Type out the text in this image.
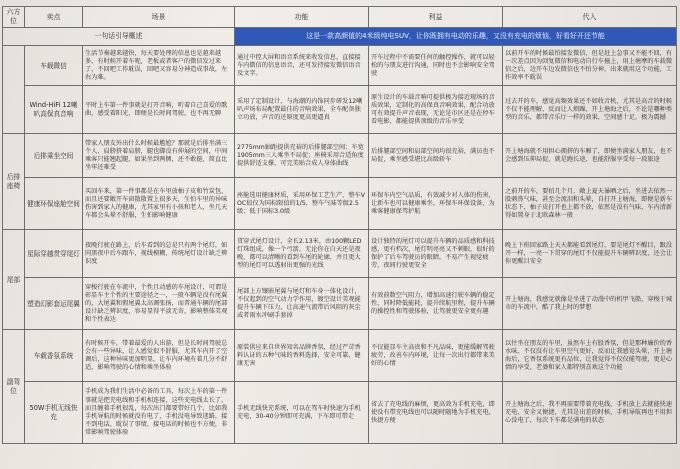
六方位	卖点	场景	功能	利益	代入
一句话引导概述			这是一款高颜值的4米级纯电SUV，让你既拥有电动的乐趣，又没有充电的烦恼，好看好开还节能		
	车载微信	生活节奏越来越快，每天要处理的信息也是越来越多，有时候开着车呢，老板或者客户的微信发过来了，不回吧工作耽误，回吧又容易分神造成事故，左右为难。	通过中控大屏和语音系统来收发信息，直接接车内微信的信息语音，还可发持接发微信语音及文字。	开车过程中不需要任何的触控操作，就可以轻松的与朋友进行沟通，同时也不会影响安全驾驶	以前开车的时候最怕接发微信，但是赶上急事又不能不回，有一次差点因为回复微信和电动自行车撞上，用上塘摩的车载微信之后，边开车边发微信也不怕分神，出来就用这个功能，工作效率不耽误
	Wind-HiFi 12喇叭高保真音响	平时上车第一件事就是打开音响，听着自己喜爱的歌曲，感受着阳光，即便是长时间驾驶，也不再无聊	采用了定制设计，与海潮的内饰同步研发12喇叭声场布局配置最佳的音响效果，全车配备独立功放，声音的还原度更高更逼真	原生设计的车载音响可提供极为接近现场的音质效果，定制化的高保真音响效果，配合功放可有效提升声音表现，无论是市区还是在停车看电影，都能提供顶级的音乐享受	过去开的车，感觉高频效果还不如收音机，尤其是高音的时候不仅不能理解，反而让人烦躁，开上塘海之后，不论是哪种类型的音乐，都带音乐厅一样的效果，空间感十足，极为震撼
后排座椅	后排乘坐空间	带家人朋友外出什么时候最尴尬？那就是后排坐满三个人，肩膀挤着肩膀，腿也脚没有伸展的空间，中间乘客只能翘起腿，如果坐到两侧，还不敢挺，简直比坐牢还难受	2775mm轴距提供充裕的后排腿部空间；车宽1905mm三人乘坐不局促；座椅采用合适角度提供舒适支撑，可完美贴合成人身体曲线	后排腿部空间和肩部空间均很充裕，满员也不局促，乘坐感受堪比高级轿车	开上塘海就不用担心拥挤的车厢了，即便坐满家人朋友，也不会感到压抑局促，就是跑长途，也能舒服享受每一段旅途
	健康环保座舱空间	买回车来，第一件事都是在车里放柚子皮和竹炭包，而且还要敞开车窗散散置上很多天，生怕车里的异味伤害到家人的健康，尤其家里有小孩和老人，坐几天车都会头晕不舒服，生怕影响健康	座舱选用健康材质，采用环保工艺生产，整车VOC值仅为国标限值的1/5，整车气味等级2.5级；低于国标3.0级	环保车内空气品质，有效减少对人体的伤害，让新车也可以健康乘坐，环保车环保设备，为乘客健康保驾护航	之前开的车，要拍几个月，敞上夏天暴晒之后，坐进去依然一股刺鼻气味，甚至会流泪和头晕，自打开上塘海，即便是新车状态下，柚子皮打开也上都不放，依然是没有气味，车内清新得如置身于北欧森林一般
尾部	星际穿越贯穿尾灯	夜晚行驶在路上，后车看到的总是只有两个尾灯，如同黑夜中后车跟车，视线模糊，传统尾灯设计缺乏辨识度	贯穿式尾灯设计，全长2.13米，由100颗LED灯珠组成，像一个弓箭，无论你在白天还是夜晚，都可以清晰的看到车尾的轮廓，并且更大型的尾灯可以透射出更强的光线	设计独特的尾灯可以提升车辆的品质感和科技感，更有档次，尾灯明亮亮又不刺眼，很好的保护了后车驾驶员的眼睛，不易产生视觉疲劳，夜间行驶更安全	晚上下班回家路上天天都能看到尾灯，要是尾灯不醒目，跟没开一样，一亮一下贯穿的尾灯不仅能提升车辆辨识度，还会让你更醒目安全
	塑造幻影套运尾翼	穿梭行驶在车流中，个性且动感的车尾设计，可谓是彰显车主个性的主要途径之一，一般车辆是没有尾翼的，大尾翼和假尾翼太高调张扬，而普通车辆的尾部设计缺乏辨识度，容易显得平淡无奇，影响整体美观和个性表达	尾部上方镶嵌尾翼与尾灯和车身一体化设计，不仅起到的空气动力学作用，镀空设计美观能提升车辆下压力，让高速气流带后风阻的灰尘或者雨水冲刷手套掉	有效前数空气阻力，增加高速行驶车辆的稳定性，同时降低能耗，提升续航里程，提升车辆的操控性和驾驶体验，让驾驶更安全更有趣	开上塘海，我感觉就像是坐进了动漫中的机甲飞船，穿梭于城市的车流中，酷了我上时的梦想
副驾位	车载香氛系统	有时候开车，带着最爱的人出游，但是长时间驾驶总会有一些异味，让人感觉很不舒服，尤其车内开了空调后，这种异味更加明显，让车内环境有着几分不舒适，影响驾驶的心情和乘坐体验	原装供应来自世界知名品牌香氛，经过严苛香料认证的五种气味的香料选择，安全可靠，健康无害	不仅能显车主高贵和不凡品味，更能缓解驾驶疲劳，改善车内环境，让每一次出行都带来美好的心情	以往坐在朋友的车里，虽然车上有股香氛，但是那种廉价的香水味，不仅没有让车里空气更好，反而让我感觉头晕，开上塘海后，它香氛系统更有品位，让我觉得不仅仅能驾驶，更是心情的享受，老婆和家人都特别喜欢这个功能
	50W手机无线快充	手机成为我们生活中必备的工具，每次上车的第一件事就是把充电线和手机相连接，这些充电线太长了，而且缠着手机很乱，每次出门都要带好几个，比如我手机导航的时候就没有电了，手机没电导致迷路，接不到电话，耽误了事情，接电话的时候也不方便，非常影响驾驶体验	手机无线快充系统，可以在驾车时快速为手机充电，30-40分钟即可充满，下车即可带走	省去了充电线的麻烦，更高效为手机充电，即使没有带充电线也可以随时随地为手机充电，快捷方便	开上塘海之后，我不再需要带着充电线，手机放上去就能快速充电，安全又便捷，尤其是出差的时候，手机导航再也不用担心没电了，每次下车都是满电的状态
